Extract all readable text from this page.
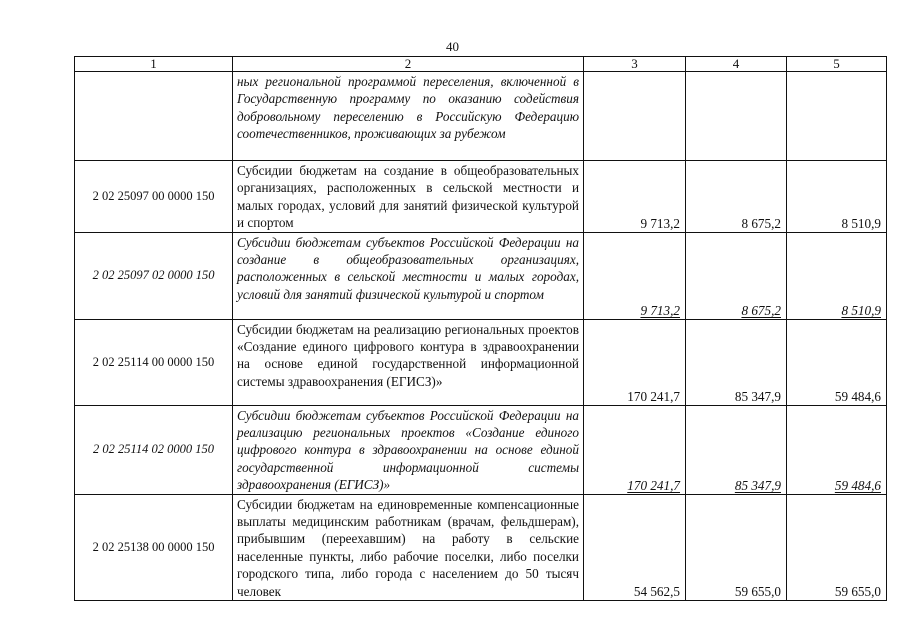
40
1	2	3	4	5
	ных региональной программой переселения, включенной в Государственную программу по оказанию содействия добровольному переселению в Российскую Федерацию соотечественников, проживающих за рубежом			
2 02 25097 00 0000 150	Субсидии бюджетам на создание в общеобразовательных организациях, расположенных в сельской местности и малых городах, условий для занятий физической культурой и спортом	9 713,2	8 675,2	8 510,9
2 02 25097 02 0000 150	Субсидии бюджетам субъектов Российской Федерации на создание в общеобразовательных организациях, расположенных в сельской местности и малых городах, условий для занятий физической культурой и спортом	9 713,2	8 675,2	8 510,9
2 02 25114 00 0000 150	Субсидии бюджетам на реализацию региональных проектов «Создание единого цифрового контура в здравоохранении на основе единой государственной информационной системы здравоохранения (ЕГИСЗ)»	170 241,7	85 347,9	59 484,6
2 02 25114 02 0000 150	Субсидии бюджетам субъектов Российской Федерации на реализацию региональных проектов «Создание единого цифрового контура в здравоохранении на основе единой государственной информационной системы здравоохранения (ЕГИСЗ)»	170 241,7	85 347,9	59 484,6
2 02 25138 00 0000 150	Субсидии бюджетам на единовременные компенсационные выплаты медицинским работникам (врачам, фельдшерам), прибывшим (переехавшим) на работу в сельские населенные пункты, либо рабочие поселки, либо поселки городского типа, либо города с населением до 50 тысяч человек	54 562,5	59 655,0	59 655,0
